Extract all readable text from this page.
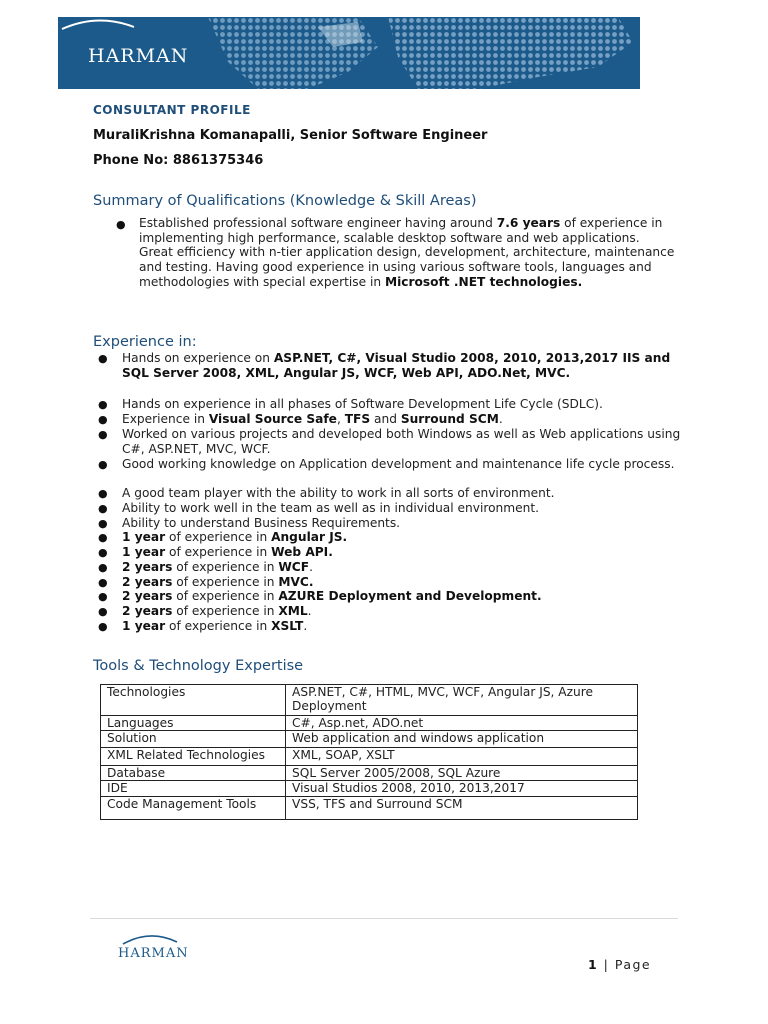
HARMAN
CONSULTANT PROFILE
MuraliKrishna Komanapalli, Senior Software Engineer
Phone No: 8861375346
Summary of Qualifications (Knowledge & Skill Areas)
● Established professional software engineer having around 7.6 years of experience in implementing high performance, scalable desktop software and web applications.
Great efficiency with n-tier application design, development, architecture, maintenance and testing. Having good experience in using various software tools, languages and methodologies with special expertise in Microsoft .NET technologies.
Experience in:
● Hands on experience on ASP.NET, C#, Visual Studio 2008, 2010, 2013,2017 IIS and SQL Server 2008, XML, Angular JS, WCF, Web API, ADO.Net, MVC.
● Hands on experience in all phases of Software Development Life Cycle (SDLC).
● Experience in Visual Source Safe, TFS and Surround SCM.
● Worked on various projects and developed both Windows as well as Web applications using C#, ASP.NET, MVC, WCF.
● Good working knowledge on Application development and maintenance life cycle process.
● A good team player with the ability to work in all sorts of environment.
● Ability to work well in the team as well as in individual environment.
● Ability to understand Business Requirements.
● 1 year of experience in Angular JS.
● 1 year of experience in Web API.
● 2 years of experience in WCF.
● 2 years of experience in MVC.
● 2 years of experience in AZURE Deployment and Development.
● 2 years of experience in XML.
● 1 year of experience in XSLT.
Tools & Technology Expertise
Technologies	ASP.NET, C#, HTML, MVC, WCF, Angular JS, Azure Deployment
Languages	C#, Asp.net, ADO.net
Solution	Web application and windows application
XML Related Technologies	XML, SOAP, XSLT
Database	SQL Server 2005/2008, SQL Azure
IDE	Visual Studios 2008, 2010, 2013,2017
Code Management Tools	VSS, TFS and Surround SCM
HARMAN
1 | Page
